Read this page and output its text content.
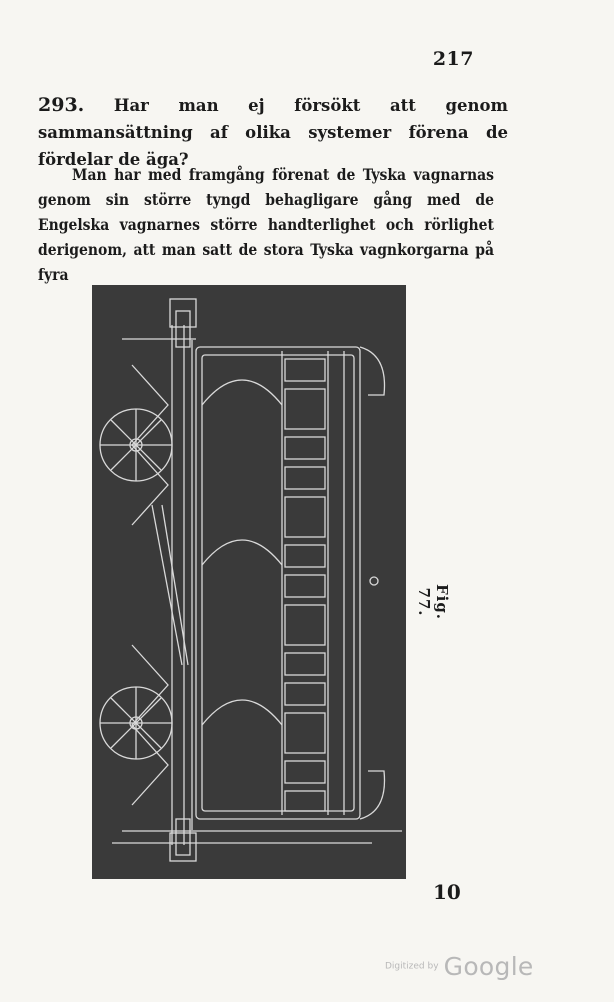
217
293. Har man ej försökt att genom sammansättning af olika systemer förena de fördelar de äga?
Man har med framgång förenat de Tyska vagnarnas genom sin större tyngd behagligare gång med de Engelska vagnarnes större handterlighet och rörlighet derigenom, att man satt de stora Tyska vagnkorgarna på fyra
Fig. 77.
10
Digitized by Google
